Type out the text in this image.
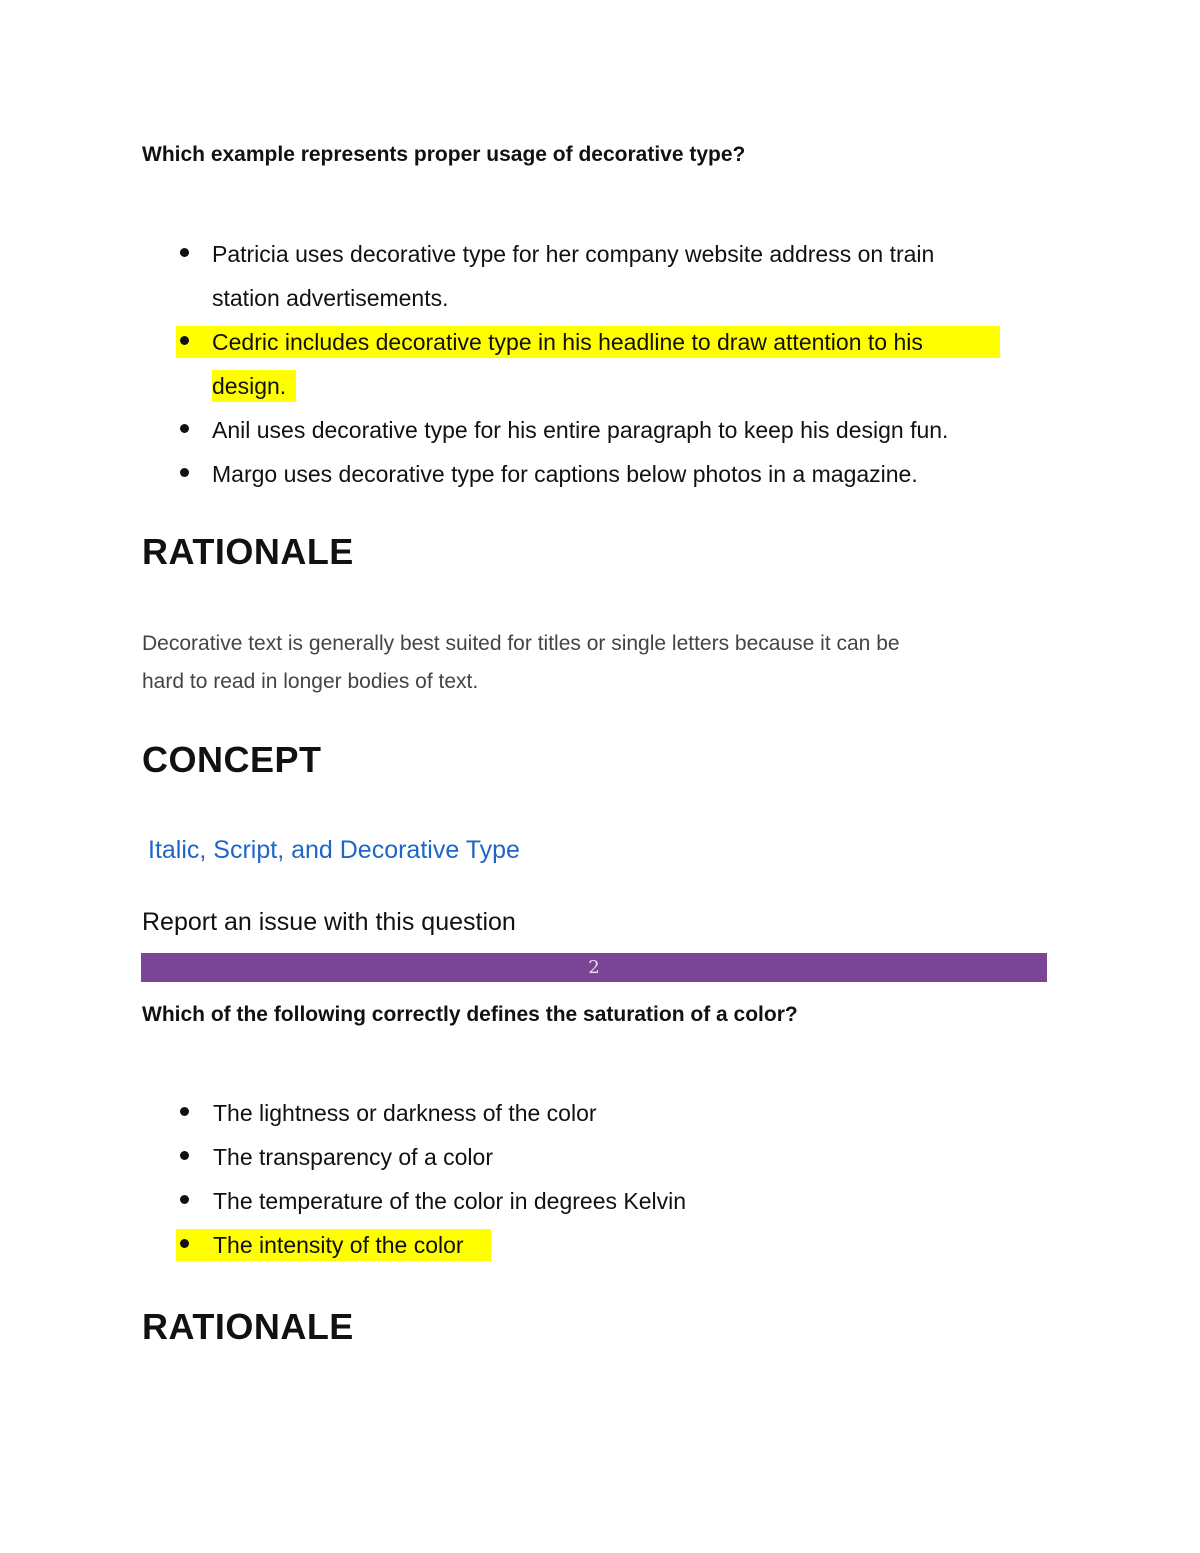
Which example represents proper usage of decorative type?
Patricia uses decorative type for her company website address on train
station advertisements.
Cedric includes decorative type in his headline to draw attention to his
design.
Anil uses decorative type for his entire paragraph to keep his design fun.
Margo uses decorative type for captions below photos in a magazine.
RATIONALE
Decorative text is generally best suited for titles or single letters because it can be
hard to read in longer bodies of text.
CONCEPT
Italic, Script, and Decorative Type
Report an issue with this question
2
Which of the following correctly defines the saturation of a color?
The lightness or darkness of the color
The transparency of a color
The temperature of the color in degrees Kelvin
The intensity of the color
RATIONALE
